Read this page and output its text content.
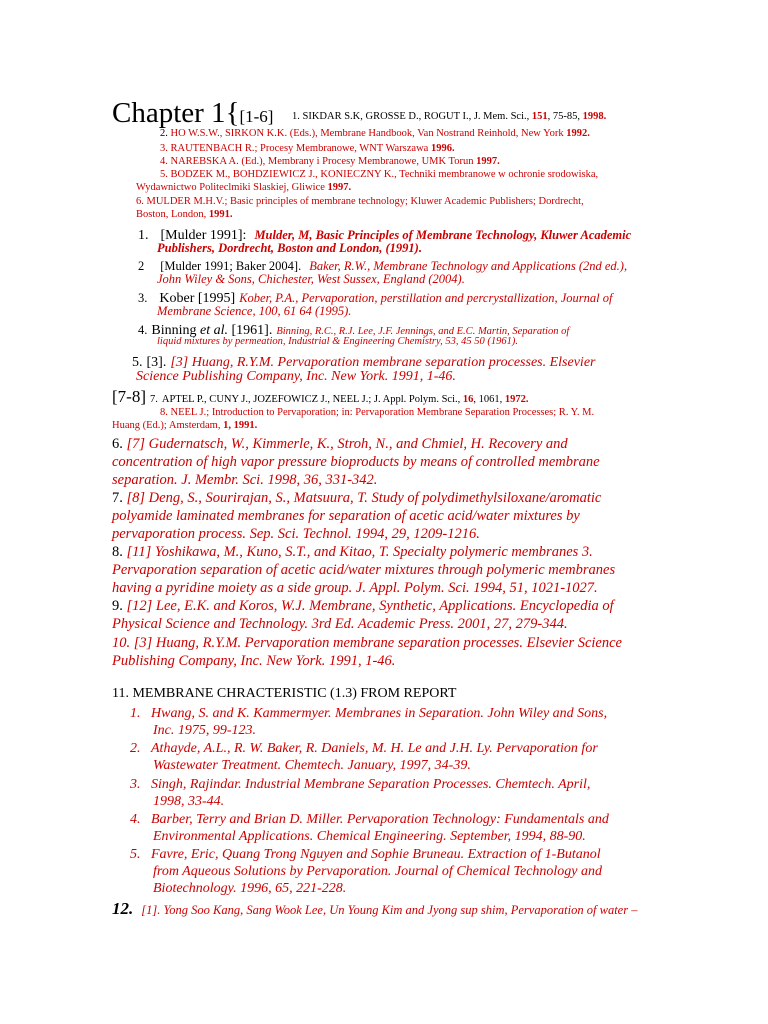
Chapter 1{[1-6] 1. SIKDAR S.K, GROSSE D., ROGUT I., J. Mem. Sci., 151, 75-85, 1998.
2. HO W.S.W., SIRKON K.K. (Eds.), Membrane Handbook, Van Nostrand Reinhold, New York 1992.
3. RAUTENBACH R.; Procesy Membranowe, WNT Warszawa 1996.
4. NAREBSKA A. (Ed.), Membrany i Procesy Membranowe, UMK Torun 1997.
5. BODZEK M., BOHDZIEWICZ J., KONIECZNY K., Techniki membranowe w ochronie srodowiska,
Wydawnictwo Politeclmiki Slaskiej, Gliwice 1997.
6. MULDER M.H.V.; Basic principles of membrane technology; Kluwer Academic Publishers; Dordrecht,
Boston, London, 1991.
1. [Mulder 1991]: Mulder, M, Basic Principles of Membrane Technology, Kluwer Academic
Publishers, Dordrecht, Boston and London, (1991).
2 [Mulder 1991; Baker 2004]. Baker, R.W., Membrane Technology and Applications (2nd ed.),
John Wiley & Sons, Chichester, West Sussex, England (2004).
3. Kober [1995] Kober, P.A., Pervaporation, perstillation and percrystallization, Journal of
Membrane Science, 100, 61 64 (1995).
4. Binning et al. [1961]. Binning, R.C., R.J. Lee, J.F. Jennings, and E.C. Martin, Separation of
liquid mixtures by permeation, Industrial & Engineering Chemistry, 53, 45 50 (1961).
5. [3]. [3] Huang, R.Y.M. Pervaporation membrane separation processes. Elsevier
Science Publishing Company, Inc. New York. 1991, 1-46.
[7-8] 7. APTEL P., CUNY J., JOZEFOWICZ J., NEEL J.; J. Appl. Polym. Sci., 16, 1061, 1972.
8. NEEL J.; Introduction to Pervaporation; in: Pervaporation Membrane Separation Processes; R. Y. M.
Huang (Ed.); Amsterdam, 1, 1991.
6. [7] Gudernatsch, W., Kimmerle, K., Stroh, N., and Chmiel, H. Recovery and
concentration of high vapor pressure bioproducts by means of controlled membrane
separation. J. Membr. Sci. 1998, 36, 331-342.
7. [8] Deng, S., Sourirajan, S., Matsuura, T. Study of polydimethylsiloxane/aromatic
polyamide laminated membranes for separation of acetic acid/water mixtures by
pervaporation process. Sep. Sci. Technol. 1994, 29, 1209-1216.
8. [11] Yoshikawa, M., Kuno, S.T., and Kitao, T. Specialty polymeric membranes 3.
Pervaporation separation of acetic acid/water mixtures through polymeric membranes
having a pyridine moiety as a side group. J. Appl. Polym. Sci. 1994, 51, 1021-1027.
9. [12] Lee, E.K. and Koros, W.J. Membrane, Synthetic, Applications. Encyclopedia of
Physical Science and Technology. 3rd Ed. Academic Press. 2001, 27, 279-344.
10. [3] Huang, R.Y.M. Pervaporation membrane separation processes. Elsevier Science
Publishing Company, Inc. New York. 1991, 1-46.
11. MEMBRANE CHRACTERISTIC (1.3) FROM REPORT
1. Hwang, S. and K. Kammermyer. Membranes in Separation. John Wiley and Sons,
Inc. 1975, 99-123.
2. Athayde, A.L., R. W. Baker, R. Daniels, M. H. Le and J.H. Ly. Pervaporation for
Wastewater Treatment. Chemtech. January, 1997, 34-39.
3. Singh, Rajindar. Industrial Membrane Separation Processes. Chemtech. April,
1998, 33-44.
4. Barber, Terry and Brian D. Miller. Pervaporation Technology: Fundamentals and
Environmental Applications. Chemical Engineering. September, 1994, 88-90.
5. Favre, Eric, Quang Trong Nguyen and Sophie Bruneau. Extraction of 1-Butanol
from Aqueous Solutions by Pervaporation. Journal of Chemical Technology and
Biotechnology. 1996, 65, 221-228.
12. [1]. Yong Soo Kang, Sang Wook Lee, Un Young Kim and Jyong sup shim, Pervaporation of water –
